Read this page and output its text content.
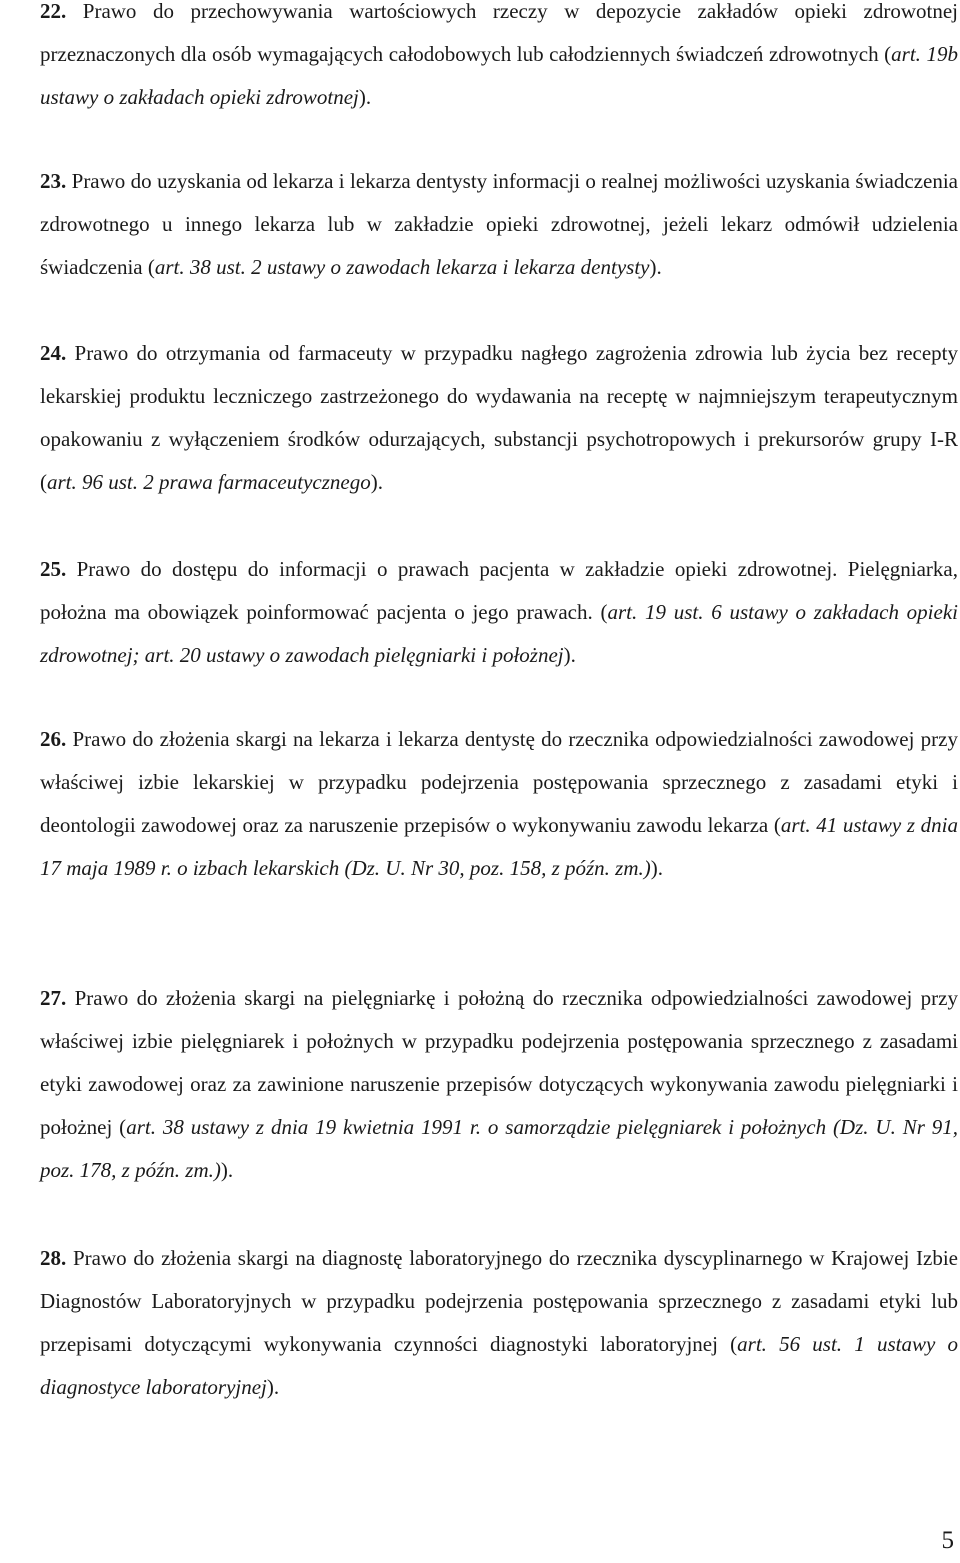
22. Prawo do przechowywania wartościowych rzeczy w depozycie zakładów opieki zdrowotnej przeznaczonych dla osób wymagających całodobowych lub całodziennych świadczeń zdrowotnych (art. 19b ustawy o zakładach opieki zdrowotnej).

23. Prawo do uzyskania od lekarza i lekarza dentysty informacji o realnej możliwości uzyskania świadczenia zdrowotnego u innego lekarza lub w zakładzie opieki zdrowotnej, jeżeli lekarz odmówił udzielenia świadczenia (art. 38 ust. 2 ustawy o zawodach lekarza i lekarza dentysty).

24. Prawo do otrzymania od farmaceuty w przypadku nagłego zagrożenia zdrowia lub życia bez recepty lekarskiej produktu leczniczego zastrzeżonego do wydawania na receptę w najmniejszym terapeutycznym opakowaniu z wyłączeniem środków odurzających, substancji psychotropowych i prekursorów grupy I-R (art. 96 ust. 2 prawa farmaceutycznego).

25. Prawo do dostępu do informacji o prawach pacjenta w zakładzie opieki zdrowotnej. Pielęgniarka, położna ma obowiązek poinformować pacjenta o jego prawach. (art. 19 ust. 6 ustawy o zakładach opieki zdrowotnej; art. 20 ustawy o zawodach pielęgniarki i położnej).

26. Prawo do złożenia skargi na lekarza i lekarza dentystę do rzecznika odpowiedzialności zawodowej przy właściwej izbie lekarskiej w przypadku podejrzenia postępowania sprzecznego z zasadami etyki i deontologii zawodowej oraz za naruszenie przepisów o wykonywaniu zawodu lekarza (art. 41 ustawy z dnia 17 maja 1989 r. o izbach lekarskich (Dz. U. Nr 30, poz. 158, z późn. zm.)).

27. Prawo do złożenia skargi na pielęgniarkę i położną do rzecznika odpowiedzialności zawodowej przy właściwej izbie pielęgniarek i położnych w przypadku podejrzenia postępowania sprzecznego z zasadami etyki zawodowej oraz za zawinione naruszenie przepisów dotyczących wykonywania zawodu pielęgniarki i położnej (art. 38 ustawy z dnia 19 kwietnia 1991 r. o samorządzie pielęgniarek i położnych (Dz. U. Nr 91, poz. 178, z późn. zm.)).

28. Prawo do złożenia skargi na diagnostę laboratoryjnego do rzecznika dyscyplinarnego w Krajowej Izbie Diagnostów Laboratoryjnych w przypadku podejrzenia postępowania sprzecznego z zasadami etyki lub przepisami dotyczącymi wykonywania czynności diagnostyki laboratoryjnej (art. 56 ust. 1 ustawy o diagnostyce laboratoryjnej).

5
